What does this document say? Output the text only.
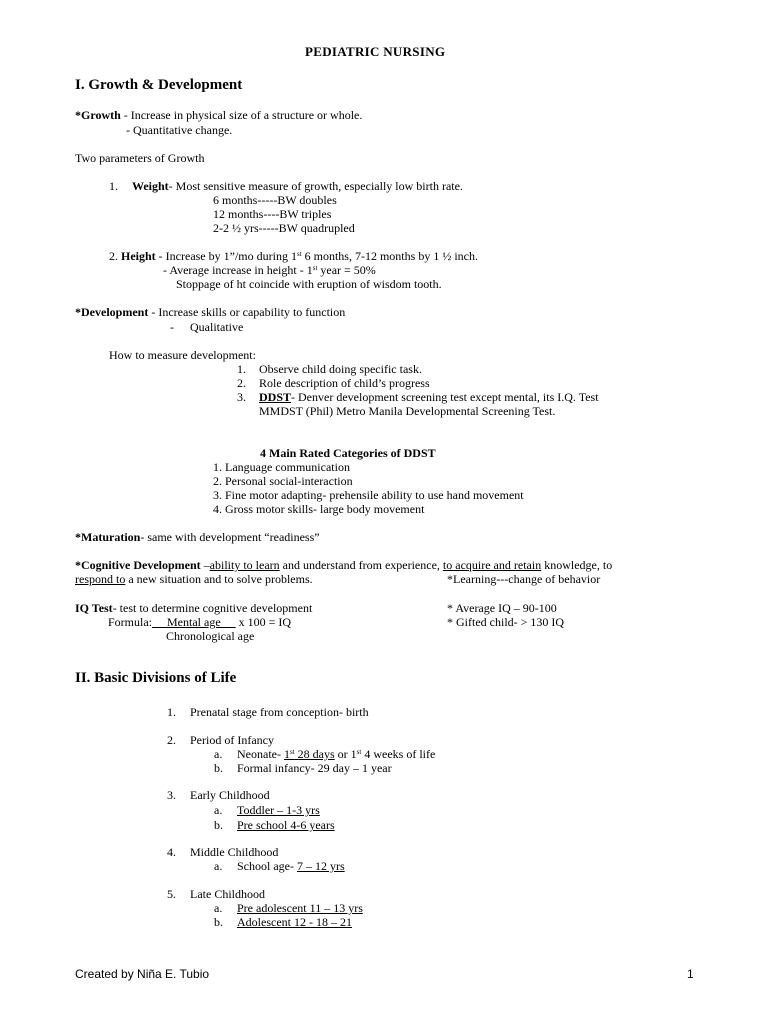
PEDIATRIC NURSING
I. Growth & Development
*Growth - Increase in physical size of a structure or whole.
- Quantitative change.
Two parameters of Growth
1. Weight- Most sensitive measure of growth, especially low birth rate.
6 months-----BW doubles
12 months----BW triples
2-2 ½ yrs-----BW quadrupled
2. Height - Increase by 1”/mo during 1st 6 months, 7-12 months by 1 ½ inch.
- Average increase in height - 1st year = 50%
Stoppage of ht coincide with eruption of wisdom tooth.
*Development - Increase skills or capability to function
- Qualitative
How to measure development:
1. Observe child doing specific task.
2. Role description of child’s progress
3. DDST- Denver development screening test except mental, its I.Q. Test
MMDST (Phil) Metro Manila Developmental Screening Test.
4 Main Rated Categories of DDST
1. Language communication
2. Personal social-interaction
3. Fine motor adapting- prehensile ability to use hand movement
4. Gross motor skills- large body movement
*Maturation- same with development “readiness”
*Cognitive Development –ability to learn and understand from experience, to acquire and retain knowledge, to
respond to a new situation and to solve problems.	*Learning---change of behavior
IQ Test- test to determine cognitive development	* Average IQ – 90-100
Formula:     Mental age      x 100 = IQ	* Gifted child- > 130 IQ
Chronological age
II. Basic Divisions of Life
1. Prenatal stage from conception- birth
2. Period of Infancy
a. Neonate- 1st 28 days or 1st 4 weeks of life
b. Formal infancy- 29 day – 1 year
3. Early Childhood
a. Toddler – 1-3 yrs
b. Pre school 4-6 years
4. Middle Childhood
a. School age- 7 – 12 yrs
5. Late Childhood
a. Pre adolescent 11 – 13 yrs
b. Adolescent 12 - 18 – 21
Created by Niña E. Tubio	1
